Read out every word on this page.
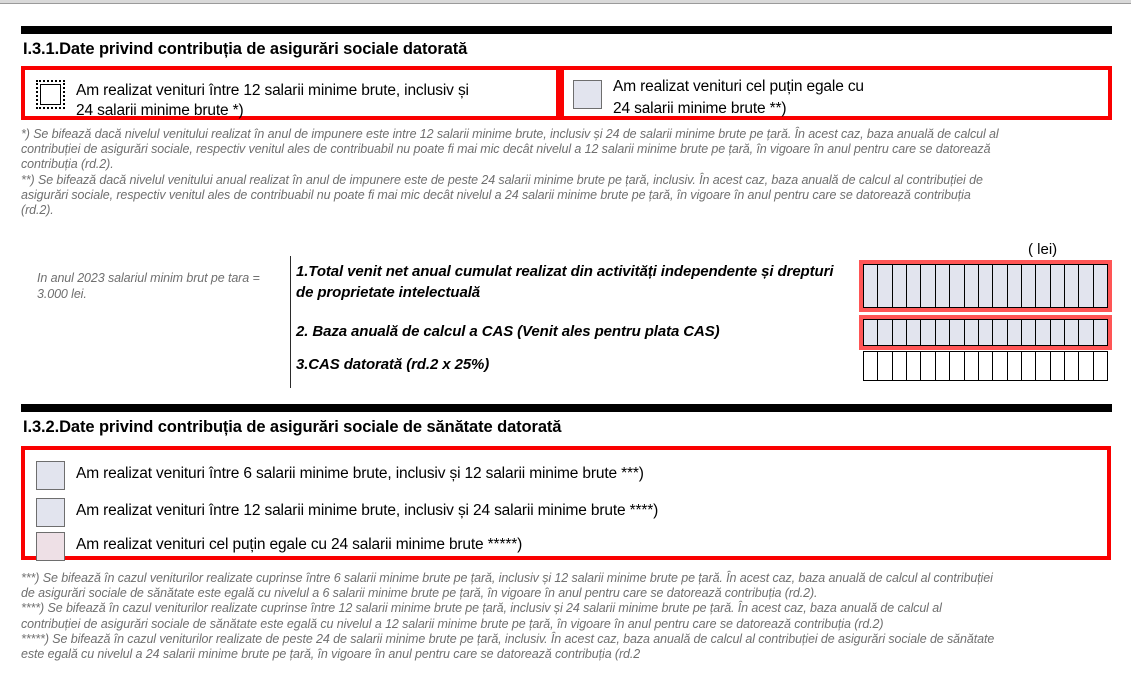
I.3.1.Date privind contribuția de asigurări sociale datorată
Am realizat venituri între 12 salarii minime brute, inclusiv și
24 salarii minime brute *)
Am realizat venituri cel puțin egale cu
24 salarii minime brute **)

*) Se bifează dacă nivelul venitului realizat în anul de impunere este intre 12 salarii minime brute, inclusiv și 24 de salarii minime brute pe țară. În acest caz, baza anuală de calcul al

contribuției de asigurări sociale, respectiv venitul ales de contribuabil nu poate fi mai mic decât nivelul a 12 salarii minime brute pe țară, în vigoare în anul pentru care se datorează

contribuția (rd.2).

**) Se bifează dacă nivelul venitului anual realizat în anul de impunere este de peste 24 salarii minime brute pe țară, inclusiv. În acest caz, baza anuală de calcul al contribuției de

asigurări sociale, respectiv venitul ales de contribuabil nu poate fi mai mic decât nivelul a 24 salarii minime brute pe țară, în vigoare în anul pentru care se datorează contribuția

(rd.2).

In anul 2023 salariul minim brut pe tara = 3.000 lei.
( lei)
1.Total venit net anual cumulat realizat din activități independente și drepturi
de proprietate intelectuală
2. Baza anuală de calcul a CAS (Venit ales pentru plata CAS)
3.CAS datorată (rd.2 x 25%)
I.3.2.Date privind contribuția de asigurări sociale de sănătate datorată
Am realizat venituri între 6 salarii minime brute, inclusiv și 12 salarii minime brute ***)
Am realizat venituri între 12 salarii minime brute, inclusiv și 24 salarii minime brute ****)
Am realizat venituri cel puțin egale cu 24 salarii minime brute *****)

***) Se bifează în cazul veniturilor realizate cuprinse între 6 salarii minime brute pe țară, inclusiv și 12 salarii minime brute pe țară. În acest caz, baza anuală de calcul al contribuției

de asigurări sociale de sănătate este egală cu nivelul a 6 salarii minime brute pe țară, în vigoare în anul pentru care se datorează contribuția (rd.2).

****) Se bifează în cazul veniturilor realizate cuprinse între 12 salarii minime brute pe țară, inclusiv și 24 salarii minime brute pe țară. În acest caz, baza anuală de calcul al

contribuției de asigurări sociale de sănătate este egală cu nivelul a 12 salarii minime brute pe țară, în vigoare în anul pentru care se datorează contribuția (rd.2)

*****) Se bifează în cazul veniturilor realizate de peste 24 de salarii minime brute pe țară, inclusiv. În acest caz, baza anuală de calcul al contribuției de asigurări sociale de sănătate

este egală cu nivelul a 24 salarii minime brute pe țară, în vigoare în anul pentru care se datorează contribuția (rd.2
